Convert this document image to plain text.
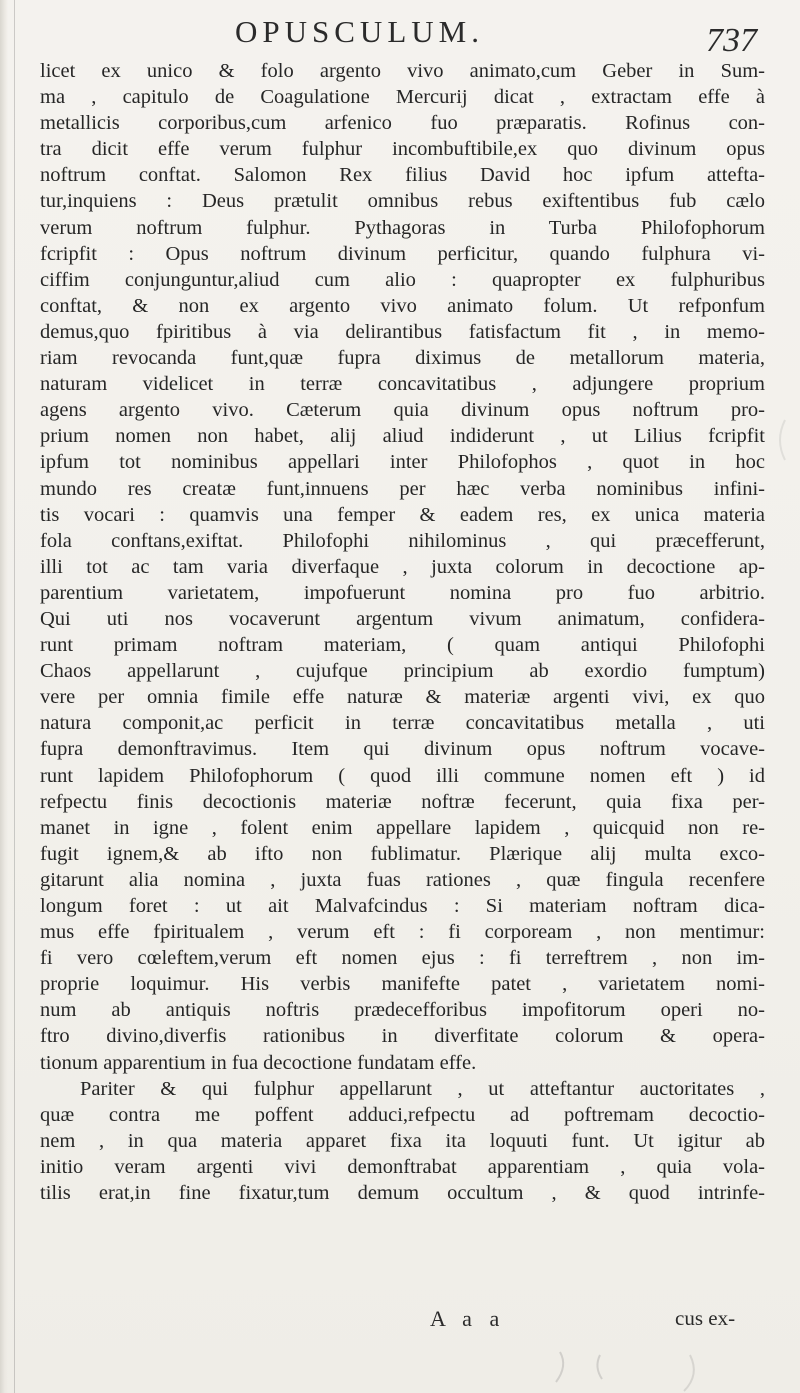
OPUSCULUM.	737
licet ex unico & folo argento vivo animato,cum Geber in Sum-
ma , capitulo de Coagulatione Mercurij dicat , extractam effe à
metallicis corporibus,cum arfenico fuo præparatis. Rofinus con-
tra dicit effe verum fulphur incombuftibile,ex quo divinum opus
noftrum conftat. Salomon Rex filius David hoc ipfum attefta-
tur,inquiens : Deus prætulit omnibus rebus exiftentibus fub cælo
verum noftrum fulphur. Pythagoras in Turba Philofophorum
fcripfit : Opus noftrum divinum perficitur, quando fulphura vi-
ciffim conjunguntur,aliud cum alio : quapropter ex fulphuribus
conftat, & non ex argento vivo animato folum. Ut refponfum
demus,quo fpiritibus à via delirantibus fatisfactum fit , in memo-
riam revocanda funt,quæ fupra diximus de metallorum materia,
naturam videlicet in terræ concavitatibus , adjungere proprium
agens argento vivo. Cæterum quia divinum opus noftrum pro-
prium nomen non habet, alij aliud indiderunt , ut Lilius fcripfit
ipfum tot nominibus appellari inter Philofophos , quot in hoc
mundo res creatæ funt,innuens per hæc verba nominibus infini-
tis vocari : quamvis una femper & eadem res, ex unica materia
fola conftans,exiftat. Philofophi nihilominus , qui præcefferunt,
illi tot ac tam varia diverfaque , juxta colorum in decoctione ap-
parentium varietatem, impofuerunt nomina pro fuo arbitrio.
Qui uti nos vocaverunt argentum vivum animatum, confidera-
runt primam noftram materiam, ( quam antiqui Philofophi
Chaos appellarunt , cujufque principium ab exordio fumptum)
vere per omnia fimile effe naturæ & materiæ argenti vivi, ex quo
natura componit,ac perficit in terræ concavitatibus metalla , uti
fupra demonftravimus. Item qui divinum opus noftrum vocave-
runt lapidem Philofophorum ( quod illi commune nomen eft ) id
refpectu finis decoctionis materiæ noftræ fecerunt, quia fixa per-
manet in igne , folent enim appellare lapidem , quicquid non re-
fugit ignem,& ab ifto non fublimatur. Plærique alij multa exco-
gitarunt alia nomina , juxta fuas rationes , quæ fingula recenfere
longum foret : ut ait Malvafcindus : Si materiam noftram dica-
mus effe fpiritualem , verum eft : fi corpoream , non mentimur:
fi vero cœleftem,verum eft nomen ejus : fi terreftrem , non im-
proprie loquimur. His verbis manifefte patet , varietatem nomi-
num ab antiquis noftris prædecefforibus impofitorum operi no-
ftro divino,diverfis rationibus in diverfitate colorum & opera-
tionum apparentium in fua decoctione fundatam effe.
Pariter & qui fulphur appellarunt , ut atteftantur auctoritates ,
quæ contra me poffent adduci,refpectu ad poftremam decoctio-
nem , in qua materia apparet fixa ita loquuti funt. Ut igitur ab
initio veram argenti vivi demonftrabat apparentiam , quia vola-
tilis erat,in fine fixatur,tum demum occultum , & quod intrinfe-
A a a	cus ex-
